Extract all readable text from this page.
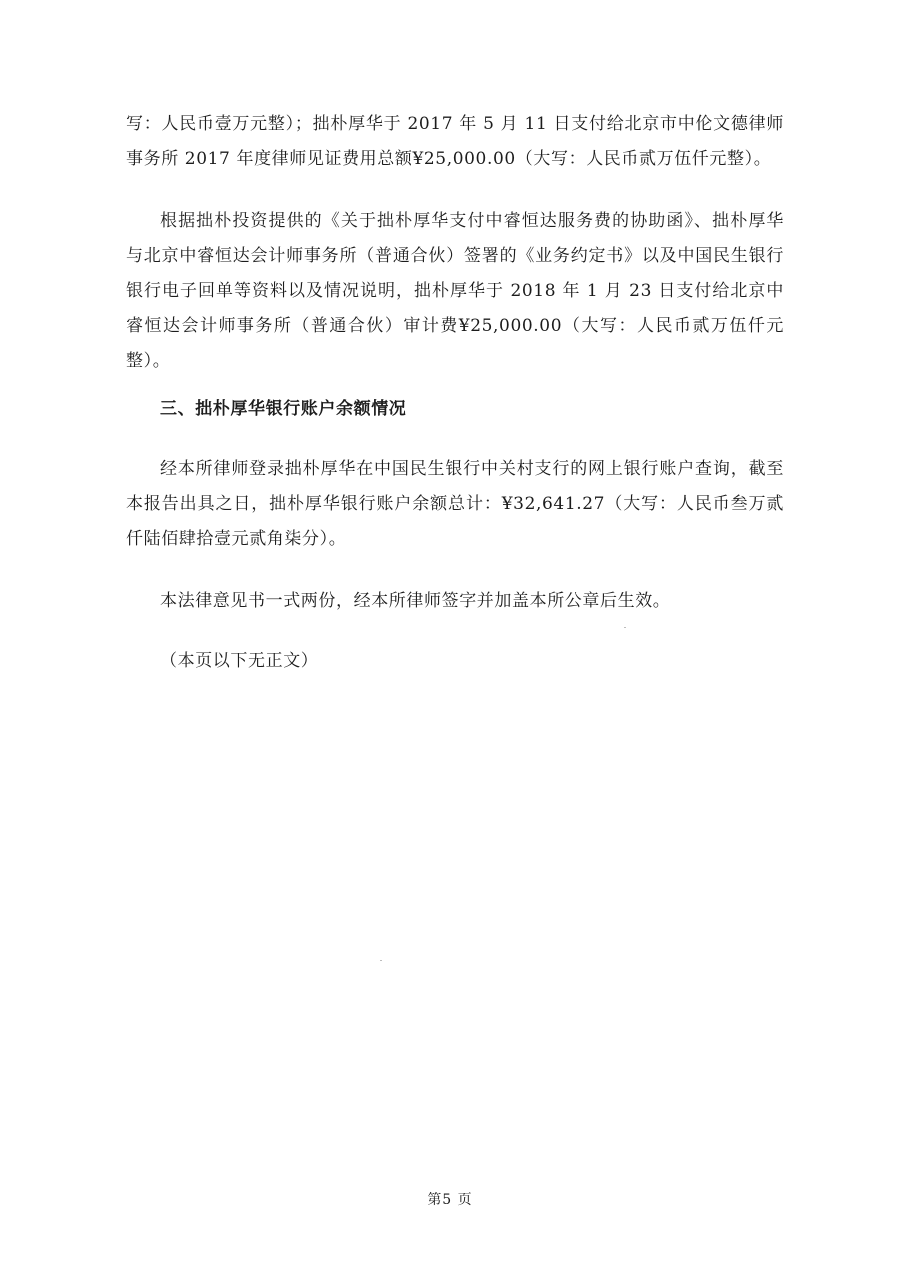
写：人民币壹万元整）；拙朴厚华于 2017 年 5 月 11 日支付给北京市中伦文德律师事务所 2017 年度律师见证费用总额¥25,000.00（大写：人民币贰万伍仟元整）。

根据拙朴投资提供的《关于拙朴厚华支付中睿恒达服务费的协助函》、拙朴厚华与北京中睿恒达会计师事务所（普通合伙）签署的《业务约定书》以及中国民生银行银行电子回单等资料以及情况说明，拙朴厚华于 2018 年 1 月 23 日支付给北京中睿恒达会计师事务所（普通合伙）审计费¥25,000.00（大写：人民币贰万伍仟元整）。

三、拙朴厚华银行账户余额情况

经本所律师登录拙朴厚华在中国民生银行中关村支行的网上银行账户查询，截至本报告出具之日，拙朴厚华银行账户余额总计：¥32,641.27（大写：人民币叁万贰仟陆佰肆拾壹元贰角柒分）。

本法律意见书一式两份，经本所律师签字并加盖本所公章后生效。

（本页以下无正文）

第5 页
